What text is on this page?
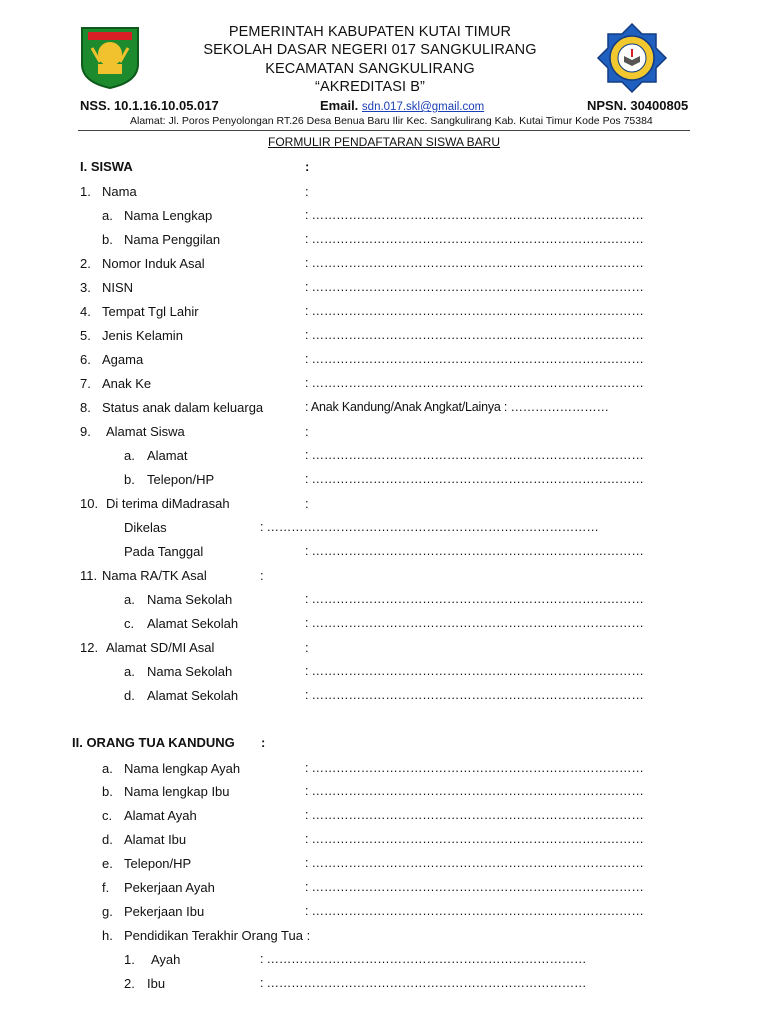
PEMERINTAH KABUPATEN KUTAI TIMUR
SEKOLAH DASAR NEGERI 017 SANGKULIRANG
KECAMATAN SANGKULIRANG
“AKREDITASI B”
NSS. 10.1.16.10.05.017	Email. sdn.017.skl@gmail.com	NPSN. 30400805
Alamat: Jl. Poros Penyolongan RT.26 Desa Benua Baru Ilir Kec. Sangkulirang Kab. Kutai Timur Kode Pos 75384
FORMULIR PENDAFTARAN SISWA BARU
I. SISWA	:
1. Nama	:
a. Nama Lengkap	: ………………………………………………………………………
b. Nama Penggilan	: ………………………………………………………………………
2. Nomor Induk Asal	: ………………………………………………………………………
3. NISN	: ………………………………………………………………………
4. Tempat Tgl Lahir	: ………………………………………………………………………
5. Jenis Kelamin	: ………………………………………………………………………
6. Agama	: ………………………………………………………………………
7. Anak Ke	: ………………………………………………………………………
8. Status anak dalam keluarga	: Anak Kandung/Anak Angkat/Lainya : ……………………
9. Alamat Siswa	:
a. Alamat	: ………………………………………………………………………
b. Telepon/HP	: ………………………………………………………………………
10. Di terima diMadrasah	:
Dikelas	: ………………………………………………………………………
Pada Tanggal	: ………………………………………………………………………
11. Nama RA/TK Asal	:
a. Nama Sekolah	: ………………………………………………………………………
c. Alamat Sekolah	: ………………………………………………………………………
12. Alamat SD/MI Asal	:
a. Nama Sekolah	: ………………………………………………………………………
d. Alamat Sekolah	: ………………………………………………………………………
II. ORANG TUA KANDUNG :
a. Nama lengkap Ayah	: ………………………………………………………………………
b. Nama lengkap Ibu	: ………………………………………………………………………
c. Alamat Ayah	: ………………………………………………………………………
d. Alamat Ibu	: ………………………………………………………………………
e. Telepon/HP	: ………………………………………………………………………
f. Pekerjaan Ayah	: ………………………………………………………………………
g. Pekerjaan Ibu	: ………………………………………………………………………
h. Pendidikan Terakhir Orang Tua :
1. Ayah	: ……………………………………………………………………
2. Ibu	: ……………………………………………………………………
